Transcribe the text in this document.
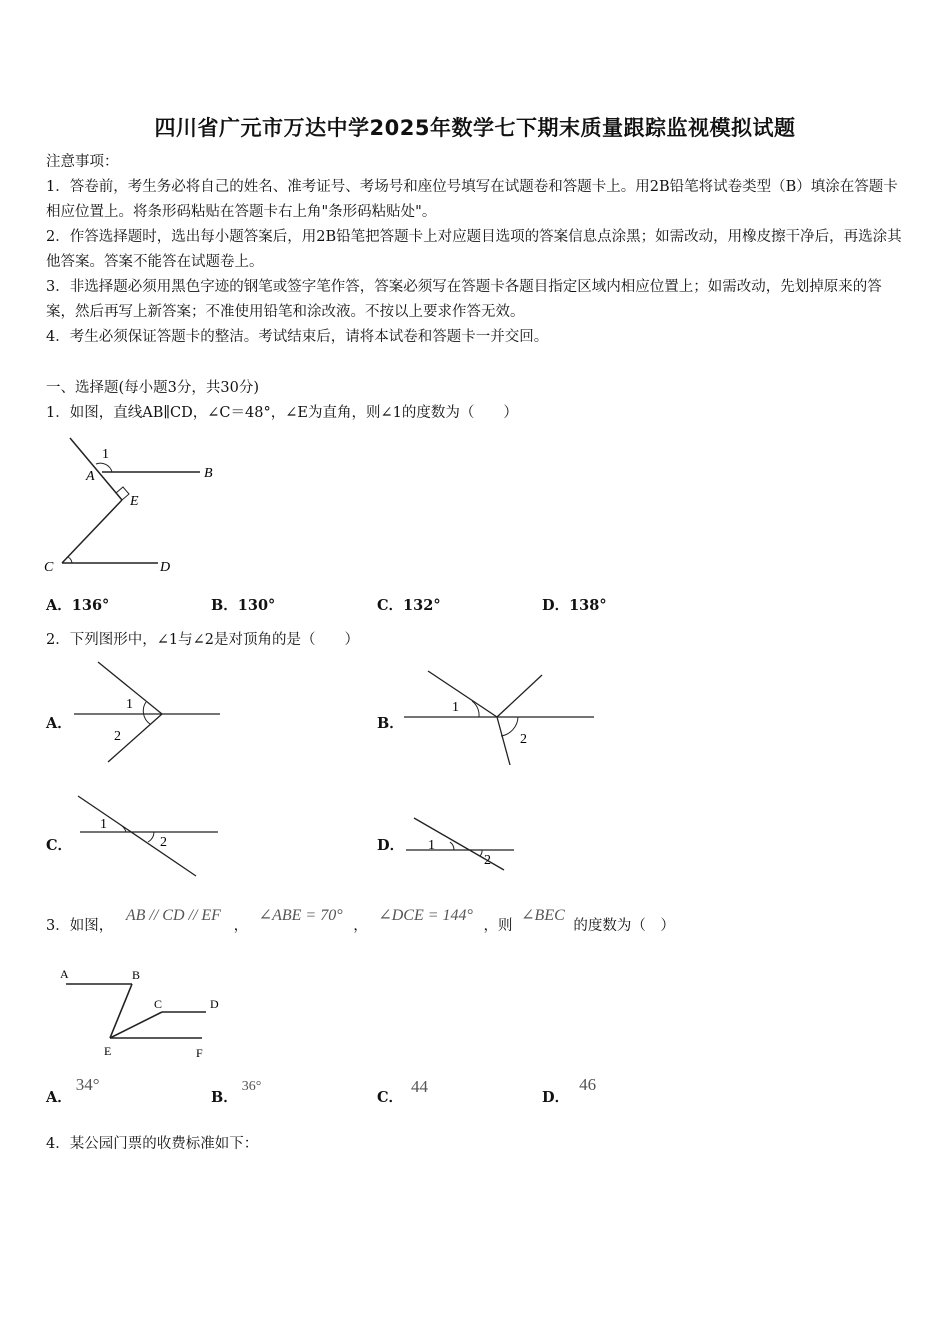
四川省广元市万达中学2025年数学七下期末质量跟踪监视模拟试题
注意事项：
1．答卷前，考生务必将自己的姓名、准考证号、考场号和座位号填写在试题卷和答题卡上。用2B铅笔将试卷类型（B）填涂在答题卡相应位置上。将条形码粘贴在答题卡右上角"条形码粘贴处"。
2．作答选择题时，选出每小题答案后，用2B铅笔把答题卡上对应题目选项的答案信息点涂黑；如需改动，用橡皮擦干净后，再选涂其他答案。答案不能答在试题卷上。
3．非选择题必须用黑色字迹的钢笔或签字笔作答，答案必须写在答题卡各题目指定区域内相应位置上；如需改动，先划掉原来的答案，然后再写上新答案；不准使用铅笔和涂改液。不按以上要求作答无效。
4．考生必须保证答题卡的整洁。考试结束后，请将本试卷和答题卡一并交回。
一、选择题(每小题3分，共30分)
1．如图，直线AB∥CD，∠C＝48°，∠E为直角，则∠1的度数为（　　）
1
A	B
E
C	D
A．136°	B．130°	C．132°	D．138°
2．下列图形中，∠1与∠2是对顶角的是（　　）
A．
1
2
B．
1
2
C．
1
2	D． 1
2
3．如图， AB // CD // EF ， ∠ABE = 70° ， ∠DCE = 144° ，则 ∠BEC 的度数为（　）
A	B
C	D
E	F
A．34°
B．36°
C．44
D．46
4．某公园门票的收费标准如下：
